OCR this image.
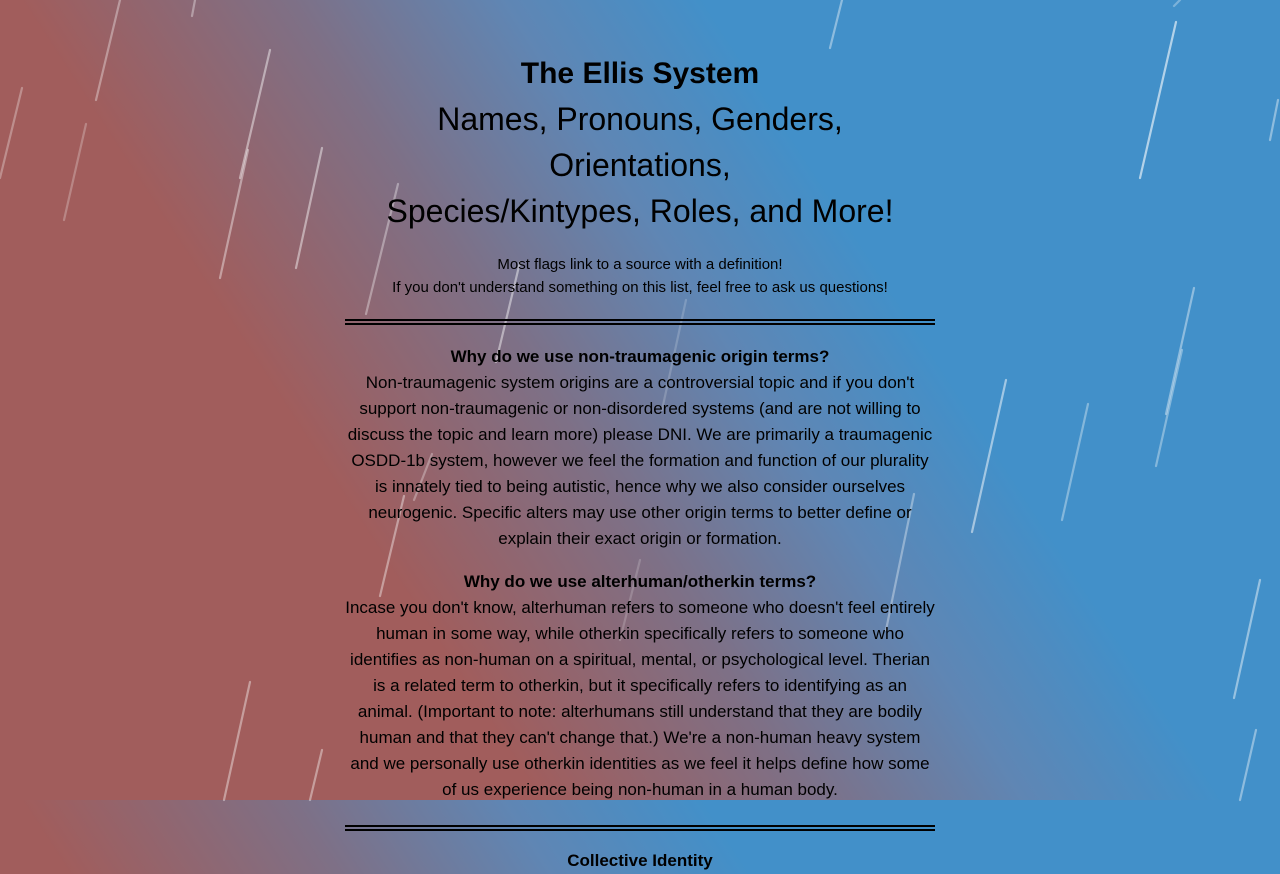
The Ellis System
Names, Pronouns, Genders, Orientations,
Species/Kintypes, Roles, and More!

Most flags link to a source with a definition!

If you don't understand something on this list, feel free to ask us questions!

Why do we use non-traumagenic origin terms?

Non-traumagenic system origins are a controversial topic and if you don't support non-traumagenic or non-disordered systems (and are not willing to discuss the topic and learn more) please DNI. We are primarily a traumagenic OSDD-1b system, however we feel the formation and function of our plurality is innately tied to being autistic, hence why we also consider ourselves neurogenic. Specific alters may use other origin terms to better define or explain their exact origin or formation.

Why do we use alterhuman/otherkin terms?

Incase you don't know, alterhuman refers to someone who doesn't feel entirely human in some way, while otherkin specifically refers to someone who identifies as non-human on a spiritual, mental, or psychological level. Therian is a related term to otherkin, but it specifically refers to identifying as an animal. (Important to note: alterhumans still understand that they are bodily human and that they can't change that.) We're a non-human heavy system and we personally use otherkin identities as we feel it helps define how some of us experience being non-human in a human body.

Collective Identity
